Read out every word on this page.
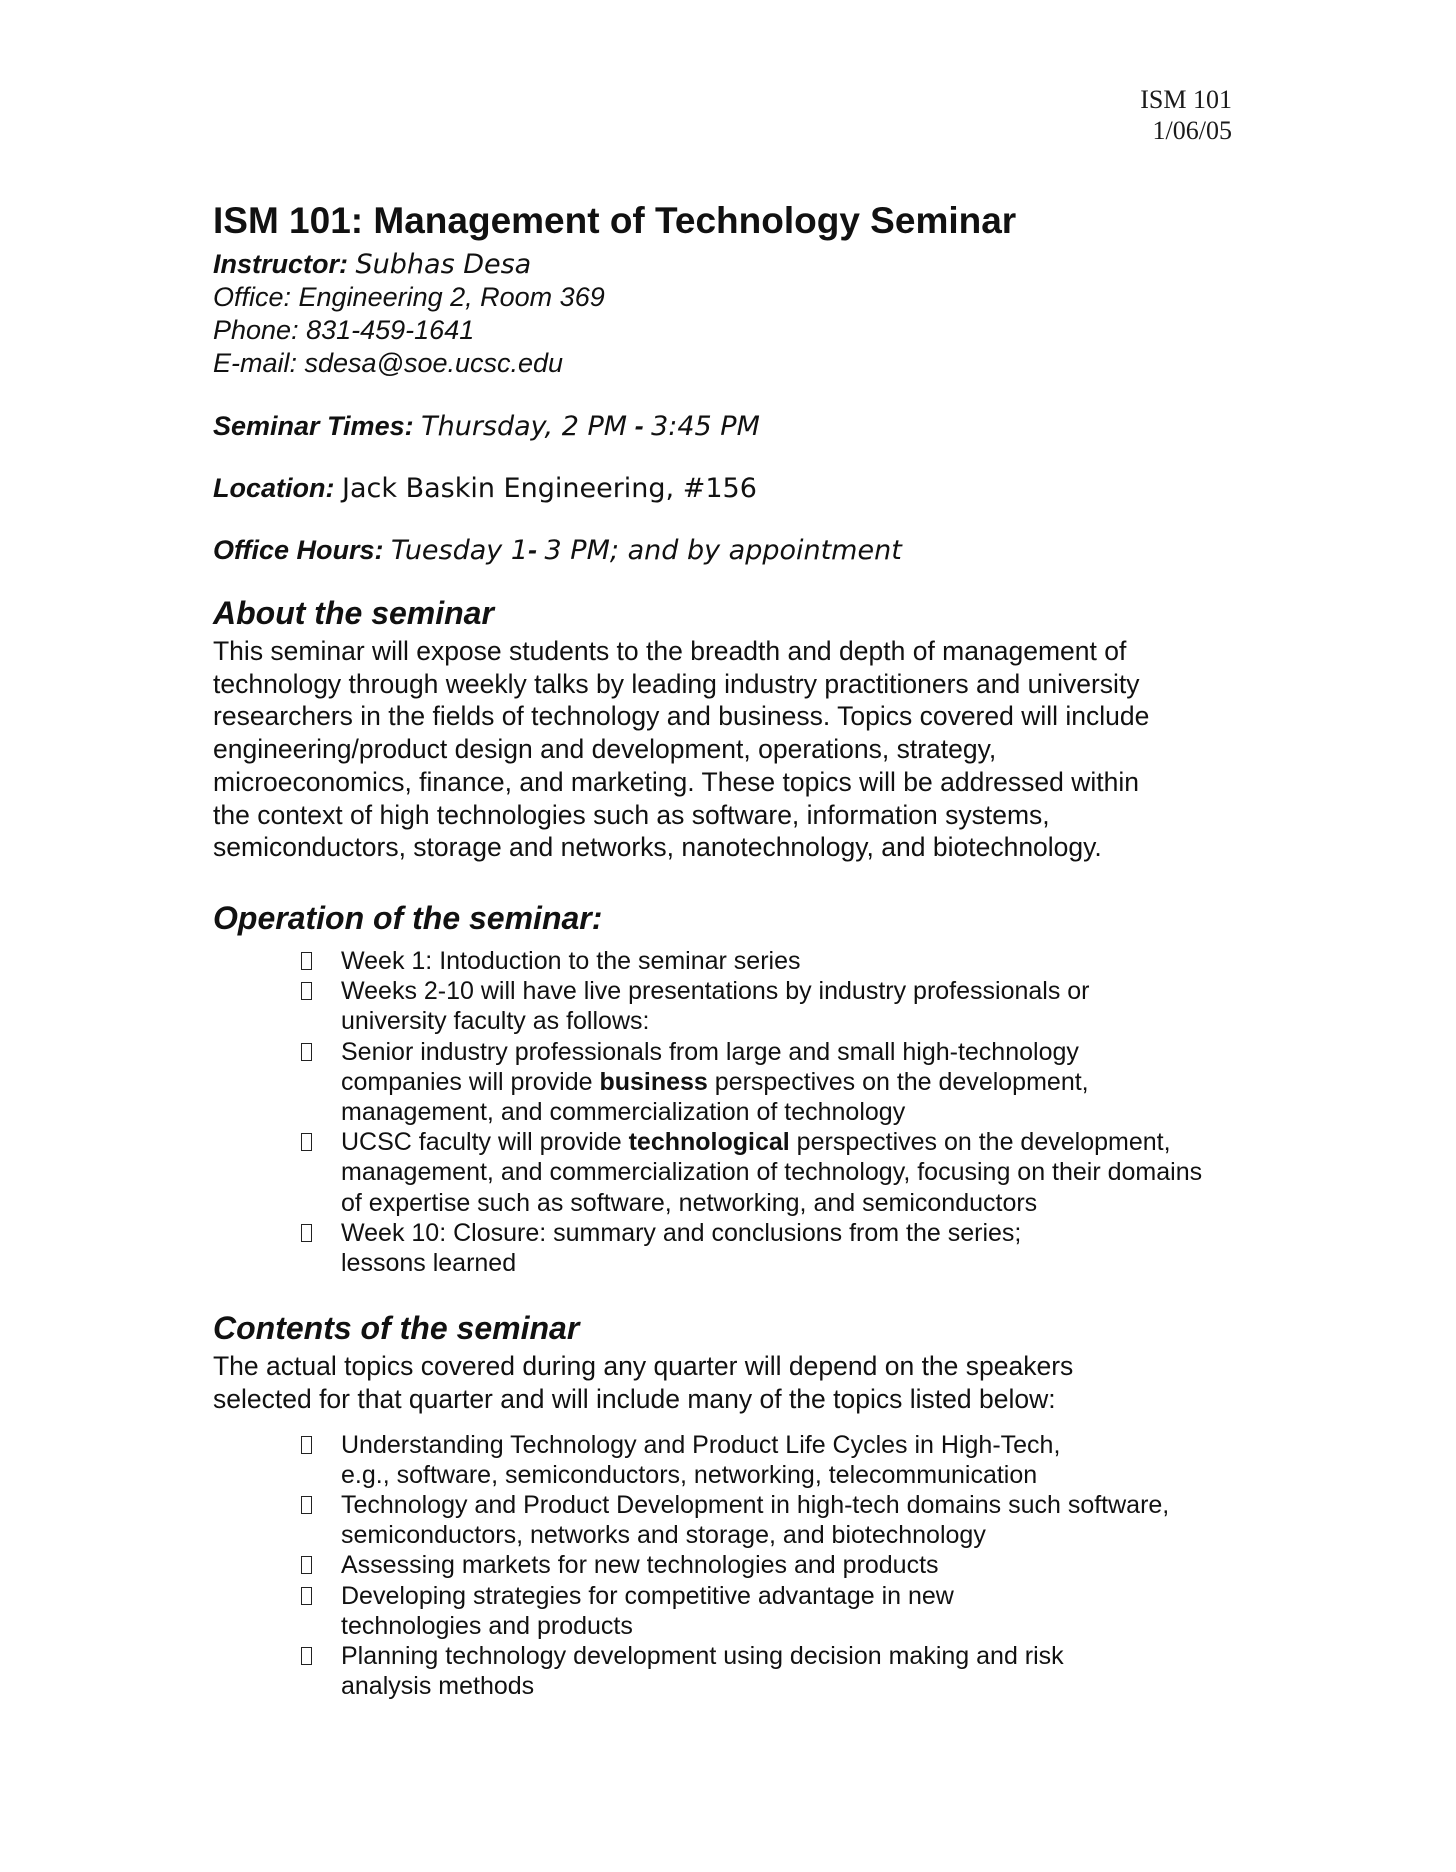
ISM 101
1/06/05
ISM 101: Management of Technology Seminar
Instructor: Subhas Desa
Office: Engineering 2, Room 369
Phone: 831-459-1641
E-mail: sdesa@soe.ucsc.edu
Seminar Times: Thursday, 2 PM - 3:45 PM
Location: Jack Baskin Engineering, #156
Office Hours: Tuesday 1- 3 PM; and by appointment
About the seminar
This seminar will expose students to the breadth and depth of management of
technology through weekly talks by leading industry practitioners and university
researchers in the fields of technology and business. Topics covered will include
engineering/product design and development, operations, strategy,
microeconomics, finance, and marketing. These topics will be addressed within
the context of high technologies such as software, information systems,
semiconductors, storage and networks, nanotechnology, and biotechnology.
Operation of the seminar:
Week 1: Intoduction to the seminar series
Weeks 2-10 will have live presentations by industry professionals or university faculty as follows:
Senior industry professionals from large and small high-technology companies will provide business perspectives on the development, management, and commercialization of technology
UCSC faculty will provide technological perspectives on the development, management, and commercialization of technology, focusing on their domains of expertise such as software, networking, and semiconductors
Week 10: Closure: summary and conclusions from the series; lessons learned
Contents of the seminar
The actual topics covered during any quarter will depend on the speakers
selected for that quarter and will include many of the topics listed below:
Understanding Technology and Product Life Cycles in High-Tech, e.g., software, semiconductors, networking, telecommunication
Technology and Product Development in high-tech domains such software, semiconductors, networks and storage, and biotechnology
Assessing markets for new technologies and products
Developing strategies for competitive advantage in new technologies and products
Planning technology development using decision making and risk analysis methods
